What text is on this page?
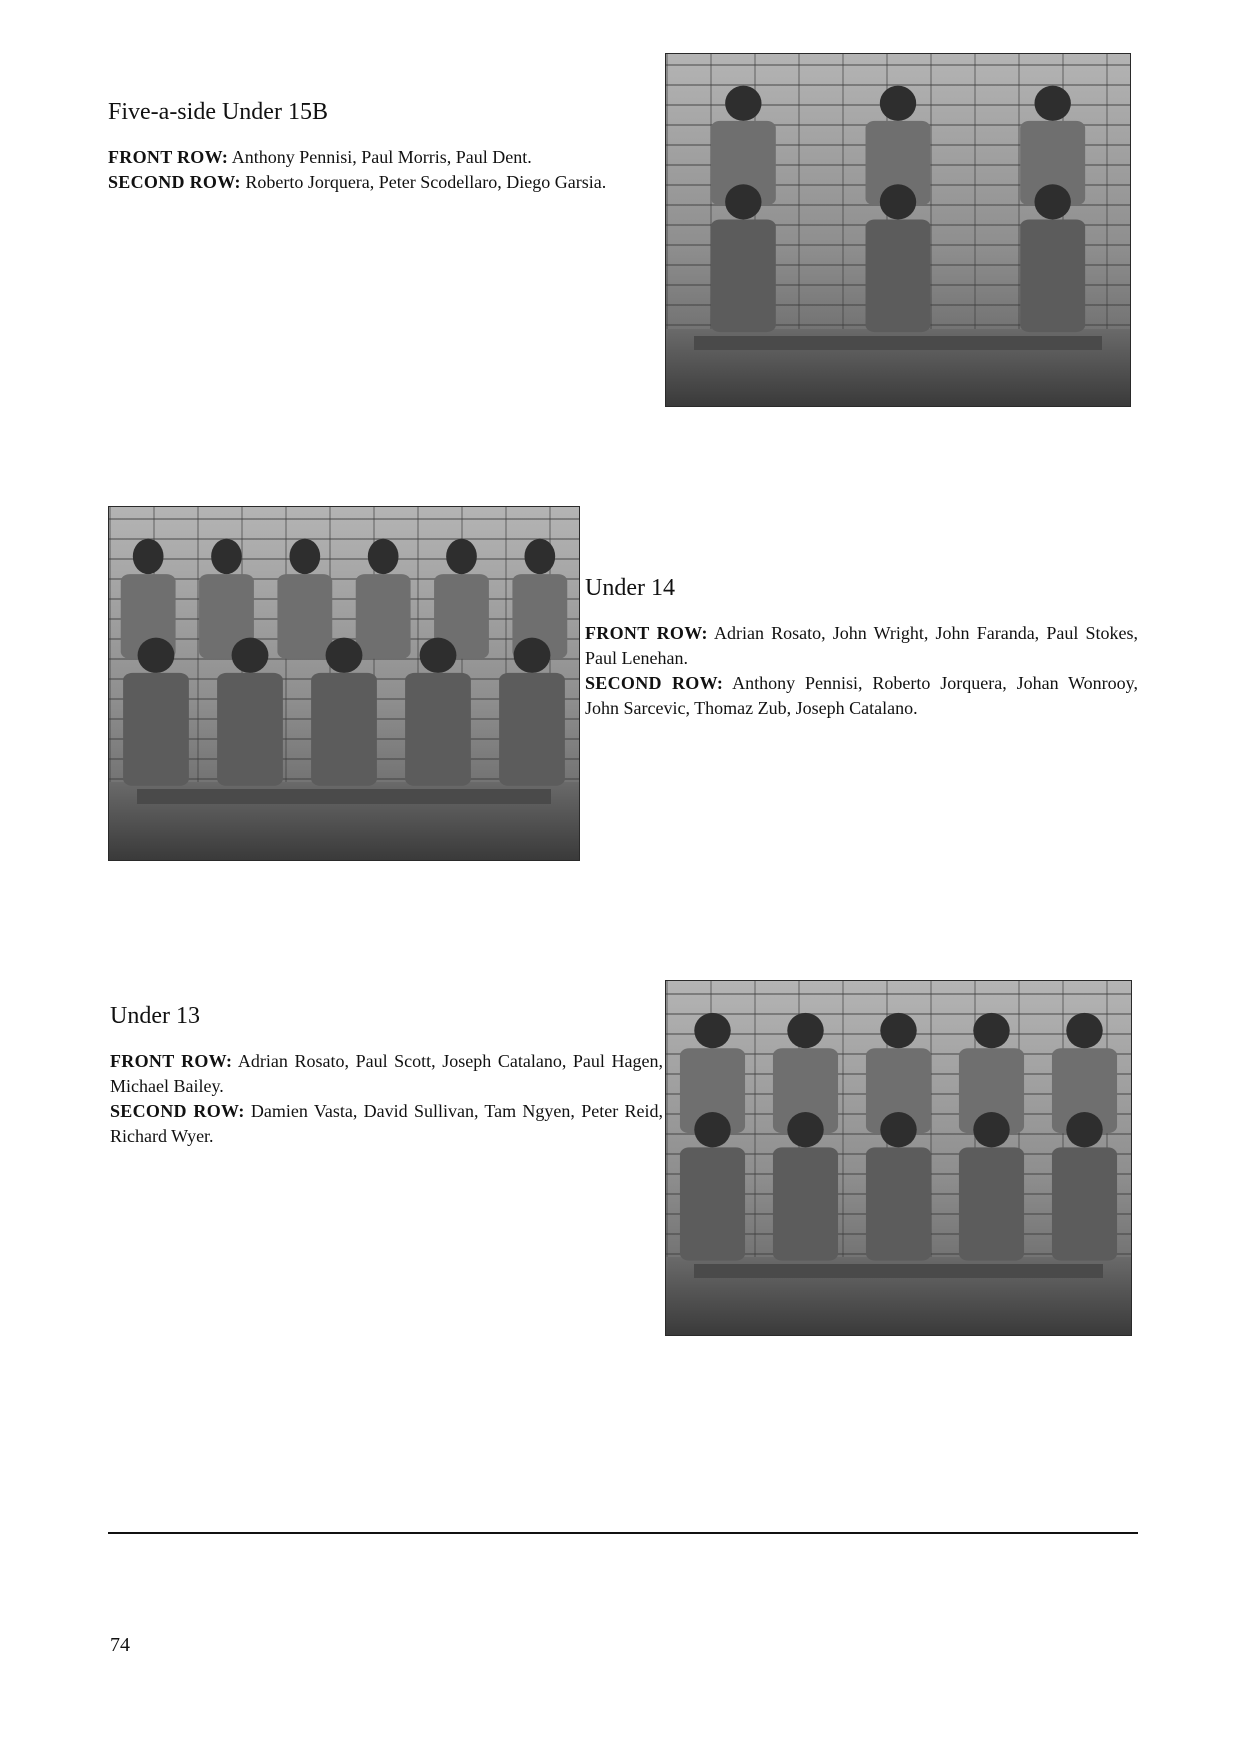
Five-a-side Under 15B

FRONT ROW: Anthony Pennisi, Paul Morris, Paul Dent.
SECOND ROW: Roberto Jorquera, Peter Scodellaro, Diego Garsia.

Under 14

FRONT ROW: Adrian Rosato, John Wright, John Faranda, Paul Stokes, Paul Lenehan.
SECOND ROW: Anthony Pennisi, Roberto Jorquera, Johan Wonrooy, John Sarcevic, Thomaz Zub, Joseph Catalano.

Under 13

FRONT ROW: Adrian Rosato, Paul Scott, Joseph Catalano, Paul Hagen, Michael Bailey.
SECOND ROW: Damien Vasta, David Sullivan, Tam Ngyen, Peter Reid, Richard Wyer.

74
